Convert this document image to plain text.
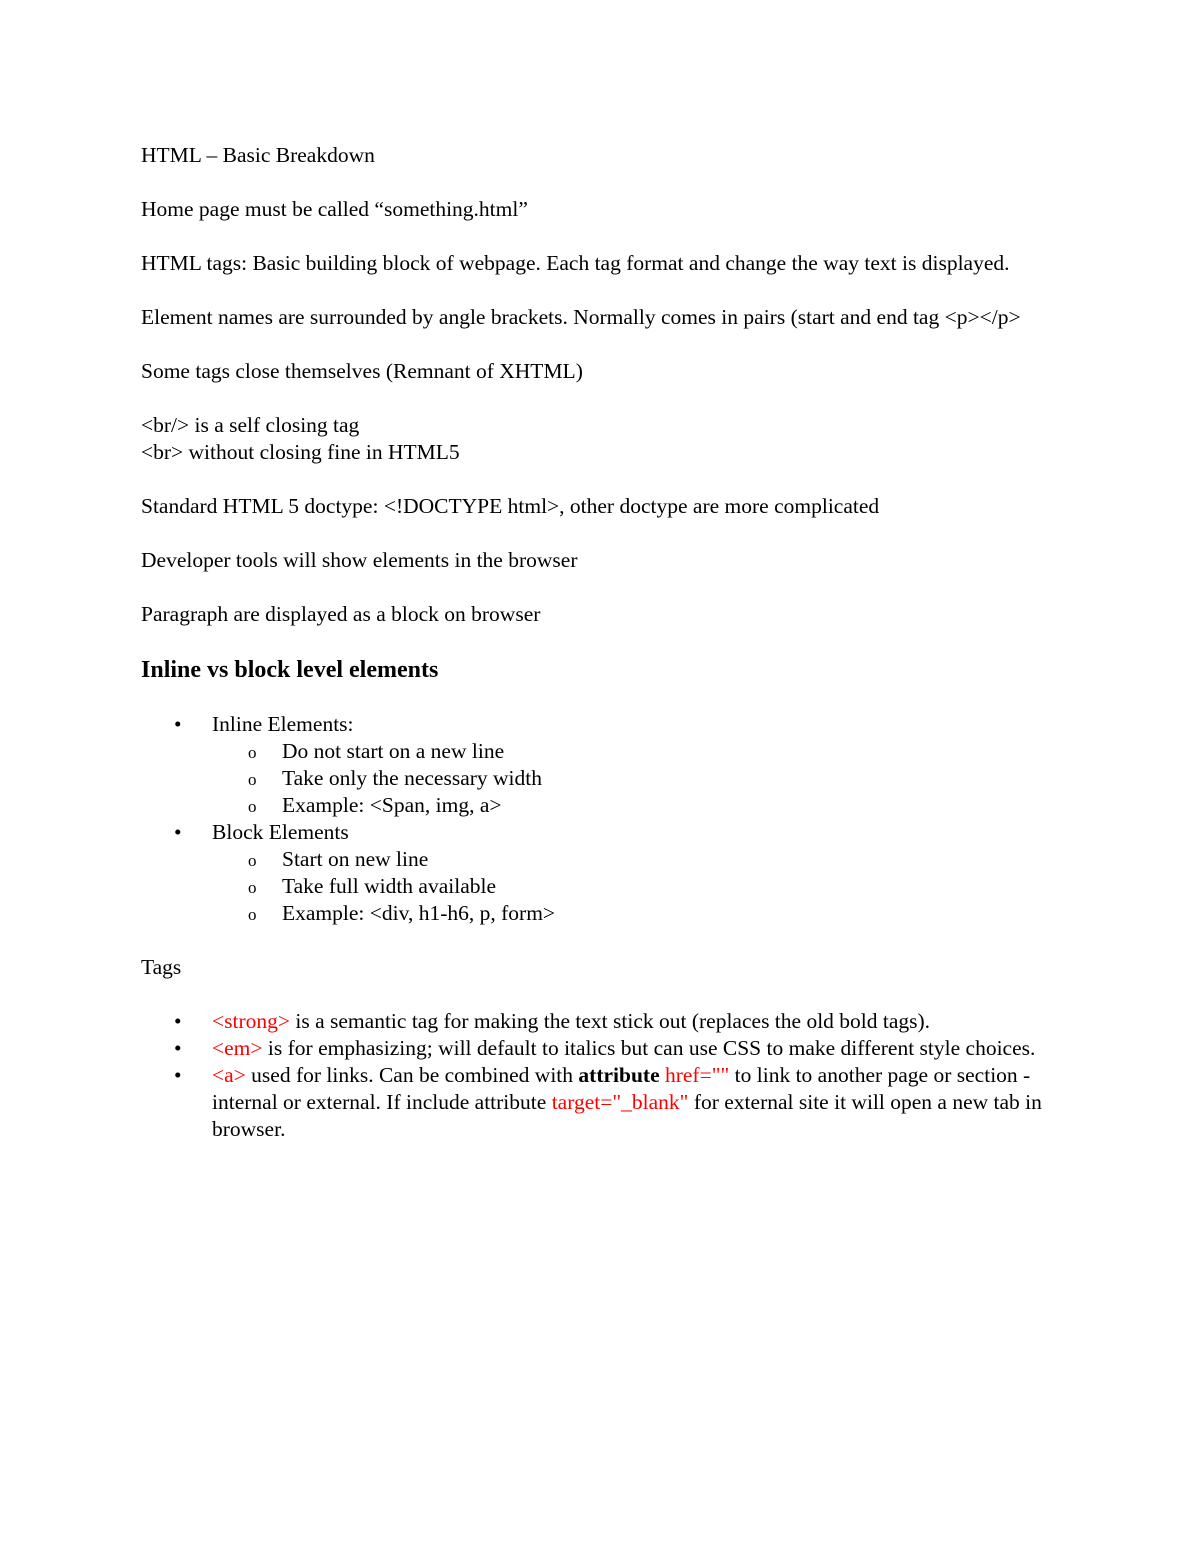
HTML – Basic Breakdown

Home page must be called “something.html”

HTML tags: Basic building block of webpage. Each tag format and change the way text is displayed.

Element names are surrounded by angle brackets. Normally comes in pairs (start and end tag <p></p>

Some tags close themselves (Remnant of XHTML)

<br/> is a self closing tag
<br> without closing fine in HTML5

Standard HTML 5 doctype: <!DOCTYPE html>, other doctype are more complicated

Developer tools will show elements in the browser

Paragraph are displayed as a block on browser

Inline vs block level elements
• Inline Elements:
o Do not start on a new line
o Take only the necessary width
o Example: <Span, img, a>
• Block Elements
o Start on new line
o Take full width available
o Example: <div, h1-h6, p, form>

Tags

• <strong> is a semantic tag for making the text stick out (replaces the old bold tags).
• <em> is for emphasizing; will default to italics but can use CSS to make different style choices.
• <a> used for links. Can be combined with attribute href="" to link to another page or section - internal or external. If include attribute target="_blank" for external site it will open a new tab in browser.
